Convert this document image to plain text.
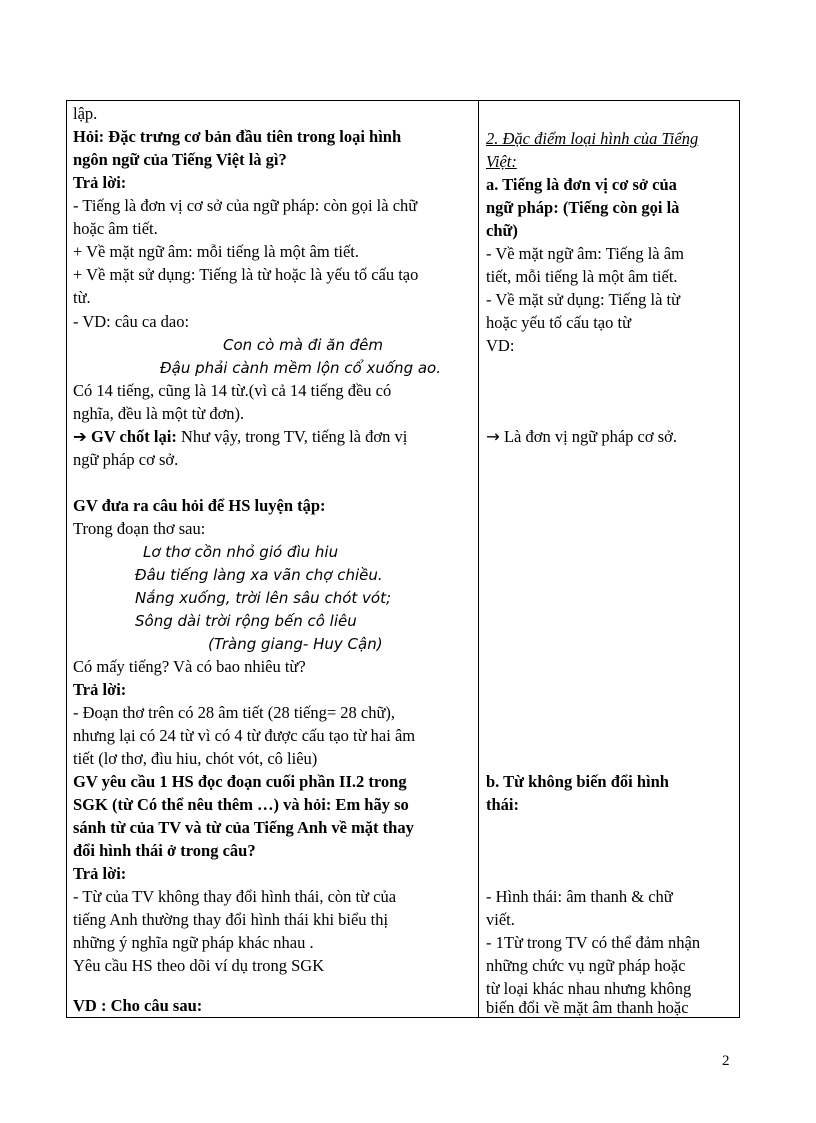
lập.
Hỏi: Đặc trưng cơ bản đầu tiên trong loại hình
ngôn ngữ của Tiếng Việt là gì?
Trả lời:
- Tiếng là đơn vị cơ sở của ngữ pháp: còn gọi là chữ
hoặc âm tiết.
+ Về mặt ngữ âm: mỗi tiếng là một âm tiết.
+ Về mặt sử dụng: Tiếng là từ hoặc là yếu tố cấu tạo
từ.
- VD: câu ca dao:
Con cò mà đi ăn đêm
Đậu phải cành mềm lộn cổ xuống ao.
Có 14 tiếng, cũng là 14 từ.(vì cả 14 tiếng đều có
nghĩa, đều là một từ đơn).
➔ GV chốt lại: Như vậy, trong TV, tiếng là đơn vị
ngữ pháp cơ sở.
GV đưa ra câu hỏi để HS luyện tập:
Trong đoạn thơ sau:
Lơ thơ cồn nhỏ gió đìu hiu
Đâu tiếng làng xa vãn chợ chiều.
Nắng xuống, trời lên sâu chót vót;
Sông dài trời rộng bến cô liêu
(Tràng giang- Huy Cận)
Có mấy tiếng? Và có bao nhiêu từ?
Trả lời:
- Đoạn thơ trên có 28 âm tiết (28 tiếng= 28 chữ),
nhưng lại có 24 từ vì có 4 từ được cấu tạo từ hai âm
tiết (lơ thơ, đìu hiu, chót vót, cô liêu)
GV yêu cầu 1 HS đọc đoạn cuối phần II.2 trong
SGK (từ Có thể nêu thêm …) và hỏi: Em hãy so
sánh từ của TV và từ của Tiếng Anh về mặt thay
đổi hình thái ở trong câu?
Trả lời:
- Từ của TV không thay đổi hình thái, còn từ của
tiếng Anh thường thay đổi hình thái khi biểu thị
những ý nghĩa ngữ pháp khác nhau .
Yêu cầu HS theo dõi ví dụ trong SGK
VD : Cho câu sau:
2. Đặc điểm loại hình của Tiếng
Việt:
a. Tiếng là đơn vị cơ sở của
ngữ pháp: (Tiếng còn gọi là
chữ)
- Về mặt ngữ âm: Tiếng là âm
tiết, mỗi tiếng là một âm tiết.
- Về mặt sử dụng: Tiếng là từ
hoặc yếu tố cấu tạo từ
VD:
→ Là đơn vị ngữ pháp cơ sở.
b. Từ không biến đổi hình
thái:
- Hình thái: âm thanh & chữ
viết.
- 1Từ trong TV có thể đảm nhận
những chức vụ ngữ pháp hoặc
từ loại khác nhau nhưng không
biến đổi về mặt âm thanh hoặc
2
